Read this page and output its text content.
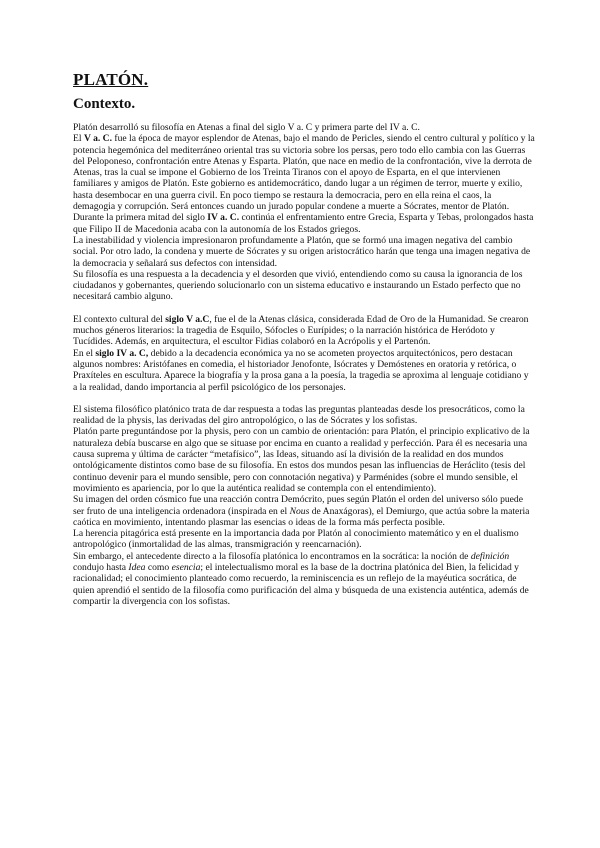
PLATÓN.
Contexto.

Platón desarrolló su filosofía en Atenas a final del siglo V a. C y primera parte del IV a. C.

El V a. C. fue la época de mayor esplendor de Atenas, bajo el mando de Pericles, siendo el centro cultural y político y la potencia hegemónica del mediterráneo oriental tras su victoria sobre los persas, pero todo ello cambia con las Guerras del Peloponeso, confrontación entre Atenas y Esparta. Platón, que nace en medio de la confrontación, vive la derrota de Atenas, tras la cual se impone el Gobierno de los Treinta Tiranos con el apoyo de Esparta, en el que intervienen familiares y amigos de Platón. Este gobierno es antidemocrático, dando lugar a un régimen de terror, muerte y exilio, hasta desembocar en una guerra civil. En poco tiempo se restaura la democracia, pero en ella reina el caos, la demagogia y corrupción. Será entonces cuando un jurado popular condene a muerte a Sócrates, mentor de Platón.

Durante la primera mitad del siglo IV a. C. continúa el enfrentamiento entre Grecia, Esparta y Tebas, prolongados hasta que Filipo II de Macedonia acaba con la autonomía de los Estados griegos.

La inestabilidad y violencia impresionaron profundamente a Platón, que se formó una imagen negativa del cambio social. Por otro lado, la condena y muerte de Sócrates y su origen aristocrático harán que tenga una imagen negativa de la democracia y señalará sus defectos con intensidad.

Su filosofía es una respuesta a la decadencia y el desorden que vivió, entendiendo como su causa la ignorancia de los ciudadanos y gobernantes, queriendo solucionarlo con un sistema educativo e instaurando un Estado perfecto que no necesitará cambio alguno.

El contexto cultural del siglo V a.C, fue el de la Atenas clásica, considerada Edad de Oro de la Humanidad. Se crearon muchos géneros literarios: la tragedia de Esquilo, Sófocles o Eurípides; o la narración histórica de Heródoto y Tucídides. Además, en arquitectura, el escultor Fidias colaboró en la Acrópolis y el Partenón.

En el siglo IV a. C, debido a la decadencia económica ya no se acometen proyectos arquitectónicos, pero destacan algunos nombres: Aristófanes en comedia, el historiador Jenofonte, Isócrates y Demóstenes en oratoria y retórica, o Praxíteles en escultura. Aparece la biografía y la prosa gana a la poesía, la tragedia se aproxima al lenguaje cotidiano y a la realidad, dando importancia al perfil psicológico de los personajes.

El sistema filosófico platónico trata de dar respuesta a todas las preguntas planteadas desde los presocráticos, como la realidad de la physis, las derivadas del giro antropológico, o las de Sócrates y los sofistas.

Platón parte preguntándose por la physis, pero con un cambio de orientación: para Platón, el principio explicativo de la naturaleza debía buscarse en algo que se situase por encima en cuanto a realidad y perfección. Para él es necesaria una causa suprema y última de carácter “metafísico”, las Ideas, situando así la división de la realidad en dos mundos ontológicamente distintos como base de su filosofía. En estos dos mundos pesan las influencias de Heráclito (tesis del continuo devenir para el mundo sensible, pero con connotación negativa) y Parménides (sobre el mundo sensible, el movimiento es apariencia, por lo que la auténtica realidad se contempla con el entendimiento).

Su imagen del orden cósmico fue una reacción contra Demócrito, pues según Platón el orden del universo sólo puede ser fruto de una inteligencia ordenadora (inspirada en el Nous de Anaxágoras), el Demiurgo, que actúa sobre la materia caótica en movimiento, intentando plasmar las esencias o ideas de la forma más perfecta posible.

La herencia pitagórica está presente en la importancia dada por Platón al conocimiento matemático y en el dualismo antropológico (inmortalidad de las almas, transmigración y reencarnación).

Sin embargo, el antecedente directo a la filosofía platónica lo encontramos en la socrática: la noción de definición condujo hasta Idea como esencia; el intelectualismo moral es la base de la doctrina platónica del Bien, la felicidad y racionalidad; el conocimiento planteado como recuerdo, la reminiscencia es un reflejo de la mayéutica socrática, de quien aprendió el sentido de la filosofía como purificación del alma y búsqueda de una existencia auténtica, además de compartir la divergencia con los sofistas.
